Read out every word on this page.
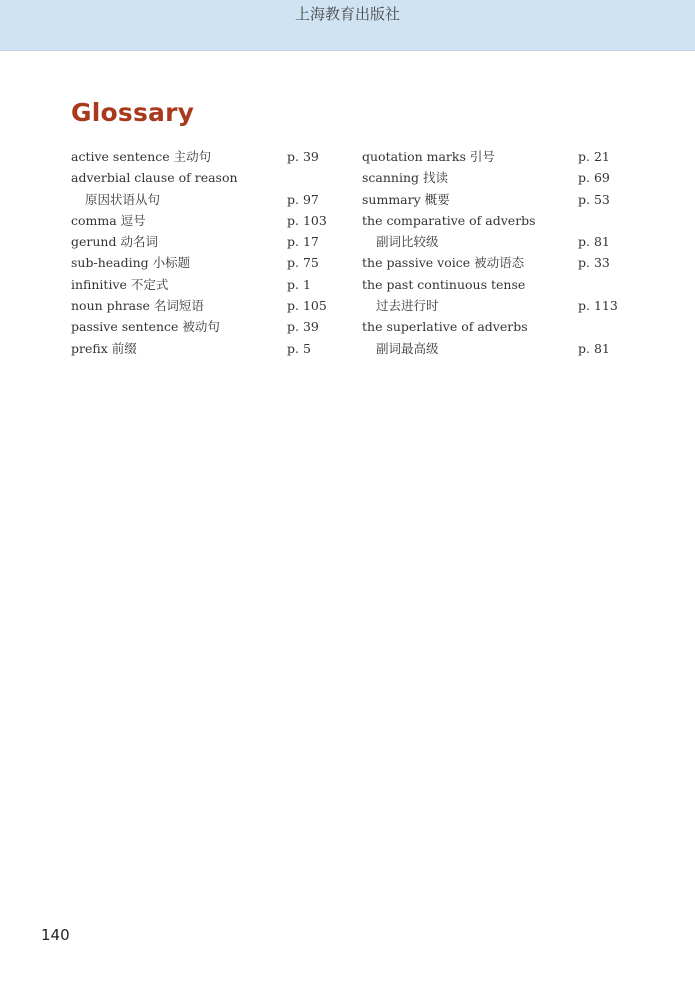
上海教育出版社
Glossary
active sentence 主动句	p. 39
adverbial clause of reason
原因状语从句	p. 97
comma 逗号	p. 103
gerund 动名词	p. 17
sub-heading 小标题	p. 75
infinitive 不定式	p. 1
noun phrase 名词短语	p. 105
passive sentence 被动句	p. 39
prefix 前缀	p. 5
quotation marks 引号	p. 21
scanning 找读	p. 69
summary 概要	p. 53
the comparative of adverbs
副词比较级	p. 81
the passive voice 被动语态	p. 33
the past continuous tense
过去进行时	p. 113
the superlative of adverbs
副词最高级	p. 81
140
